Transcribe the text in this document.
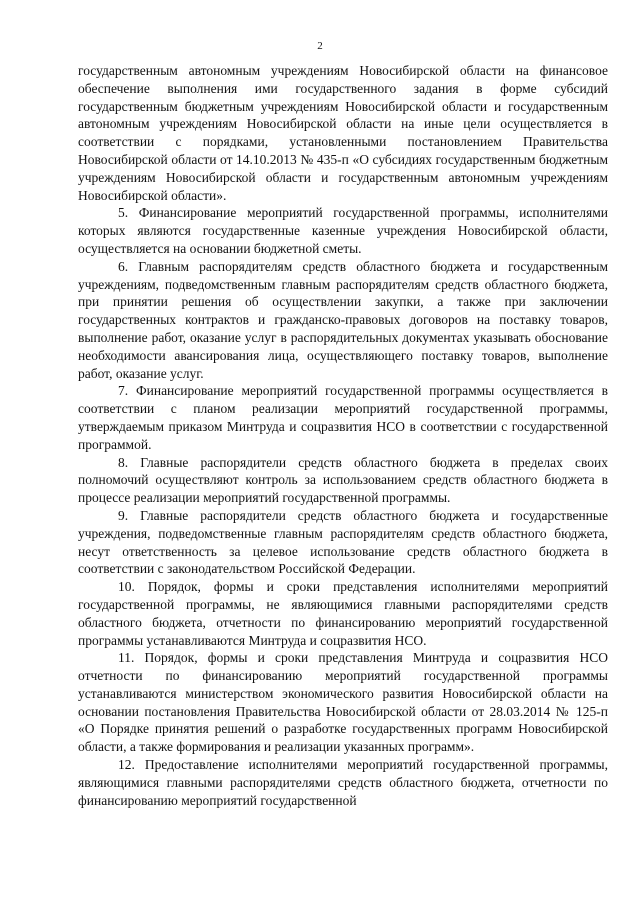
2

государственным автономным учреждениям Новосибирской области на финансовое обеспечение выполнения ими государственного задания в форме субсидий государственным бюджетным учреждениям Новосибирской области и государственным автономным учреждениям Новосибирской области на иные цели осуществляется в соответствии с порядками, установленными постановлением Правительства Новосибирской области от 14.10.2013 № 435-п «О субсидиях государственным бюджетным учреждениям Новосибирской области и государственным автономным учреждениям Новосибирской области».

5. Финансирование мероприятий государственной программы, исполнителями которых являются государственные казенные учреждения Новосибирской области, осуществляется на основании бюджетной сметы.

6. Главным распорядителям средств областного бюджета и государственным учреждениям, подведомственным главным распорядителям средств областного бюджета, при принятии решения об осуществлении закупки, а также при заключении государственных контрактов и гражданско-правовых договоров на поставку товаров, выполнение работ, оказание услуг в распорядительных документах указывать обоснование необходимости авансирования лица, осуществляющего поставку товаров, выполнение работ, оказание услуг.

7. Финансирование мероприятий государственной программы осуществляется в соответствии с планом реализации мероприятий государственной программы, утверждаемым приказом Минтруда и соцразвития НСО в соответствии с государственной программой.

8. Главные распорядители средств областного бюджета в пределах своих полномочий осуществляют контроль за использованием средств областного бюджета в процессе реализации мероприятий государственной программы.

9. Главные распорядители средств областного бюджета и государственные учреждения, подведомственные главным распорядителям средств областного бюджета, несут ответственность за целевое использование средств областного бюджета в соответствии с законодательством Российской Федерации.

10. Порядок, формы и сроки представления исполнителями мероприятий государственной программы, не являющимися главными распорядителями средств областного бюджета, отчетности по финансированию мероприятий государственной программы устанавливаются Минтруда и соцразвития НСО.

11. Порядок, формы и сроки представления Минтруда и соцразвития НСО отчетности по финансированию мероприятий государственной программы устанавливаются министерством экономического развития Новосибирской области на основании постановления Правительства Новосибирской области от 28.03.2014 № 125-п «О Порядке принятия решений о разработке государственных программ Новосибирской области, а также формирования и реализации указанных программ».

12. Предоставление исполнителями мероприятий государственной программы, являющимися главными распорядителями средств областного бюджета, отчетности по финансированию мероприятий государственной
